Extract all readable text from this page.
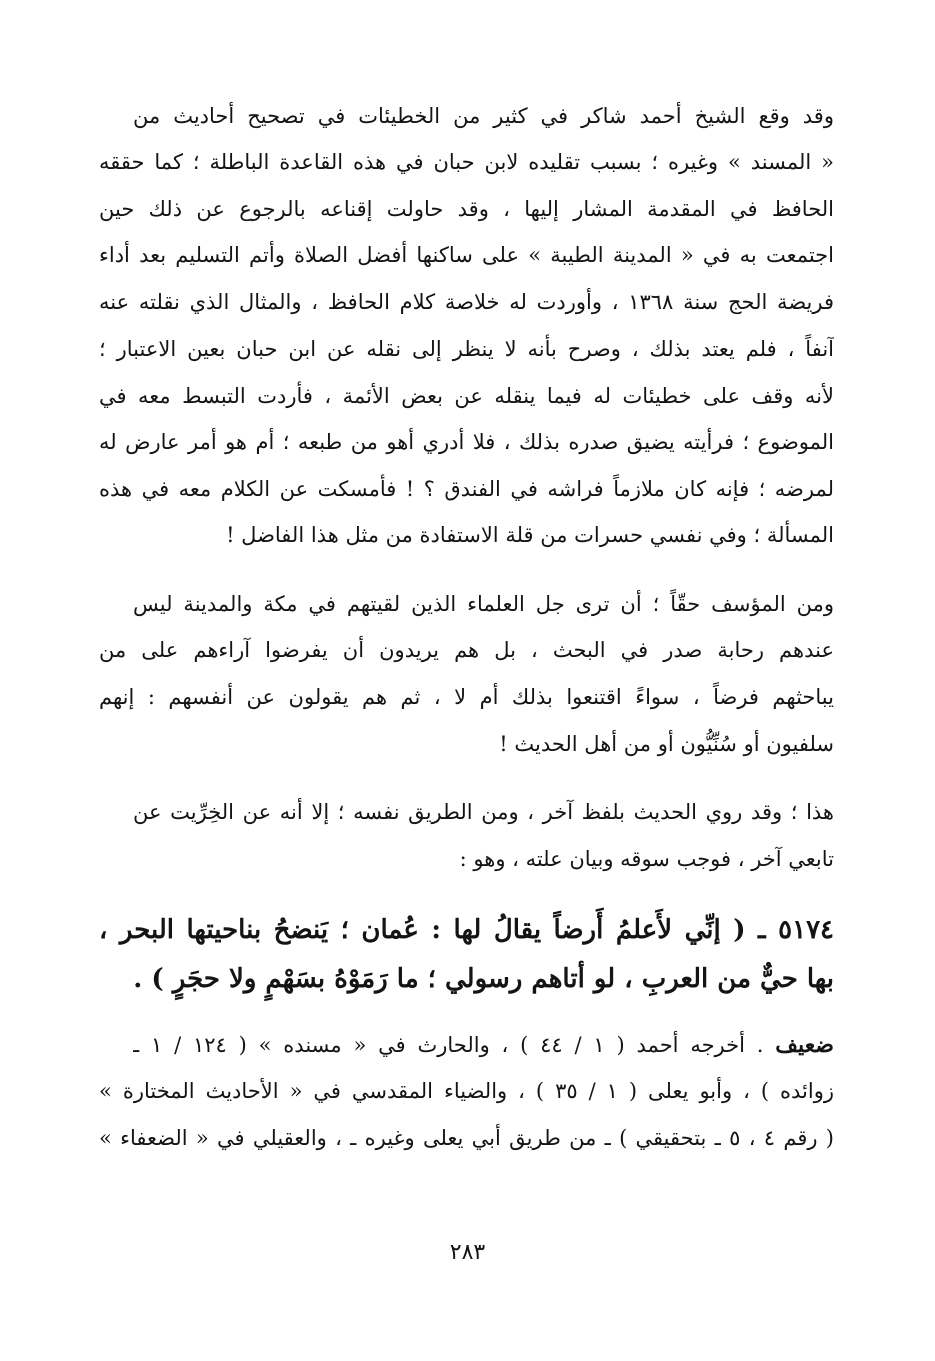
وقد وقع الشيخ أحمد شاكر في كثير من الخطيئات في تصحيح أحاديث من
« المسند » وغيره ؛ بسبب تقليده لابن حبان في هذه القاعدة الباطلة ؛ كما حققه
الحافظ في المقدمة المشار إليها ، وقد حاولت إقناعه بالرجوع عن ذلك حين
اجتمعت به في « المدينة الطيبة » على ساكنها أفضل الصلاة وأتم التسليم بعد أداء
فريضة الحج سنة ١٣٦٨ ، وأوردت له خلاصة كلام الحافظ ، والمثال الذي نقلته عنه
آنفاً ، فلم يعتد بذلك ، وصرح بأنه لا ينظر إلى نقله عن ابن حبان بعين الاعتبار ؛
لأنه وقف على خطيئات له فيما ينقله عن بعض الأئمة ، فأردت التبسط معه في
الموضوع ؛ فرأيته يضيق صدره بذلك ، فلا أدري أهو من طبعه ؛ أم هو أمر عارض له
لمرضه ؛ فإنه كان ملازماً فراشه في الفندق ؟ ! فأمسكت عن الكلام معه في هذه
المسألة ؛ وفي نفسي حسرات من قلة الاستفادة من مثل هذا الفاضل !
ومن المؤسف حقّاً ؛ أن ترى جل العلماء الذين لقيتهم في مكة والمدينة ليس
عندهم رحابة صدر في البحث ، بل هم يريدون أن يفرضوا آراءهم على من
يباحثهم فرضاً ، سواءً اقتنعوا بذلك أم لا ، ثم هم يقولون عن أنفسهم : إنهم
سلفيون أو سُنِّيُّون أو من أهل الحديث !
هذا ؛ وقد روي الحديث بلفظ آخر ، ومن الطريق نفسه ؛ إلا أنه عن الخِرِّيت عن
تابعي آخر ، فوجب سوقه وبيان علته ، وهو :
٥١٧٤ ـ ( إنِّي لأَعلمُ أَرضاً يقالُ لها : عُمان ؛ يَنضحُ بناحيتها البحر ،
بها حيٌّ من العربِ ، لو أتاهم رسولي ؛ ما رَمَوْهُ بسَهْمٍ ولا حجَرٍ ) .
ضعيف . أخرجه أحمد ( ١ / ٤٤ ) ، والحارث في « مسنده » ( ١٢٤ / ١ ـ
زوائده ) ، وأبو يعلى ( ١ / ٣٥ ) ، والضياء المقدسي في « الأحاديث المختارة »
( رقم ٤ ، ٥ ـ بتحقيقي ) ـ من طريق أبي يعلى وغيره ـ ، والعقيلي في « الضعفاء »
٢٨٣
